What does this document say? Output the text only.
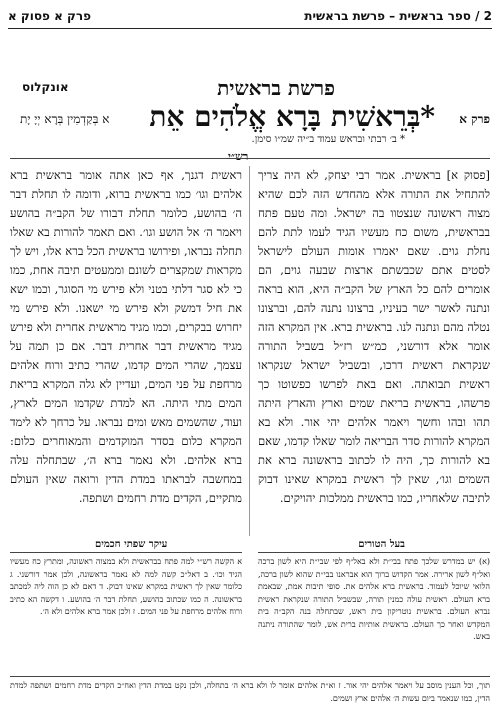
פרק א פסוק א	2 / ספר בראשית – פרשת בראשית
פרשת בראשית
אונקלוס
פרק א
*בְּרֵאשִׁית בָּרָא אֱלֹהִים אֵת
א בְּקַדְמִין בְּרָא יְיָ יָת
* ב׳ רבתי ובראש עמוד ב״יה שמ״ו סימן.
רש״י
[פסוק א] בראשית. אמר רבי יצחק, לא היה צריך להתחיל את התורה אלא מהחדש הזה לכם שהיא מצוה ראשונה שנצטוו בה ישראל. ומה טעם פתח בבראשית, משום כח מעשיו הגיד לעמו לתת להם נחלת גוים. שאם יאמרו אומות העולם לישראל לסטים אתם שכבשתם ארצות שבעה גוים, הם אומרים להם כל הארץ של הקב״ה היא, הוא בראה ונתנה לאשר ישר בעיניו, ברצונו נתנה להם, וברצונו נטלה מהם ונתנה לנו. בראשית ברא. אין המקרא הזה אומר אלא דורשני, כמ״ש רז״ל בשביל התורה שנקראת ראשית דרכו, ובשביל ישראל שנקראו ראשית תבואתה. ואם באת לפרשו כפשוטו כך פרשהו, בראשית בריאת שמים וארץ והארץ היתה תהו ובהו וחשך ויאמר אלהים יהי אור. ולא בא המקרא להורות סדר הבריאה לומר שאלו קדמו, שאם בא להורות כך, היה לו לכתוב בראשונה ברא את השמים וגו׳, שאין לך ראשית במקרא שאינו דבוק לתיבה שלאחריו, כמו בראשית ממלכות יהויקים.
ראשית דגנך, אף כאן אתה אומר בראשית ברא אלהים וגו׳ כמו בראשית ברוא, ודומה לו תחלת דבר ה׳ בהושע, כלומר תחלת דבורו של הקב״ה בהושע ויאמר ה׳ אל הושע וגו׳. ואם תאמר להורות בא שאלו תחלה נבראו, ופירושו בראשית הכל ברא אלו, ויש לך מקראות שמקצרים לשונם וממעטים תיבה אחת, כמו כי לא סגר דלתי בטני ולא פירש מי הסוגר, וכמו ישא את חיל דמשק ולא פירש מי ישאנו. ולא פירש מי יחרוש בבקרים, וכמו מגיד מראשית אחרית ולא פירש מגיד מראשית דבר אחרית דבר. אם כן תמה על עצמך, שהרי המים קדמו, שהרי כתיב ורוח אלהים מרחפת על פני המים, ועדיין לא גלה המקרא בריאת המים מתי היתה. הא למדת שקדמו המים לארץ, ועוד, שהשמים מאש ומים נבראו. על כרחך לא לימד המקרא כלום בסדר המוקדמים והמאוחרים כלום: ברא אלהים. ולא נאמר ברא ה׳, שבתחלה עלה במחשבה לבראתו במדת הדין ורואה שאין העולם מתקיים, הקדים מדת רחמים ושתפה.
בעל הטורים
עיקר שפתי חכמים
(א) יש במדרש שלכך פתח בבי״ת ולא באל״ף לפי שבי״ת היא לשון ברכה ואל״ף לשון ארירה. אמר הקדוש ברוך הוא אבראנו בבי״ת שהוא לשון ברכה, הלואי שיוכל לעמוד. בראשית ברא אלהים את. סופי תיבות אמת, שבאמת ברא העולם. ראשית עולה כמנין תורה, שבשביל התורה שנקראת ראשית נברא העולם. בראשית נוטריקון בית ראש, שבתחלה בנה הקב״ה בית המקדש ואחר כך העולם. בראשית אותיות ברית אש, לומר שהתורה ניתנה באש.
א הקשה רש״י למה פתח בבראשית ולא במצוה ראשונה, ומתרץ כח מעשיו הגיד וכו׳. ב דאל״כ קשה למה לא נאמר בראשונה, ולכן אמר דורשני. ג כלומר שאין לך ראשית במקרא שאינו דבוק. ד דאם לא כן הוה ליה למכתב בראשונה. ה כמו שכתוב בהושע, תחלת דבר ה׳ בהושע. ו דקשה הא כתיב ורוח אלהים מרחפת על פני המים. ז ולכן אמר ברא אלהים ולא ה׳.
תוך, וכל הענין מוסב על ויאמר אלהים יהי אור. ז וא״ת אלהים אומר לו ולא ברא ה׳ בתחלה, ולכן נקט במדת הדין ואח״כ הקדים מדת רחמים ושתפה למדת הדין, כמו שנאמר ביום עשות ה׳ אלהים ארץ ושמים.
